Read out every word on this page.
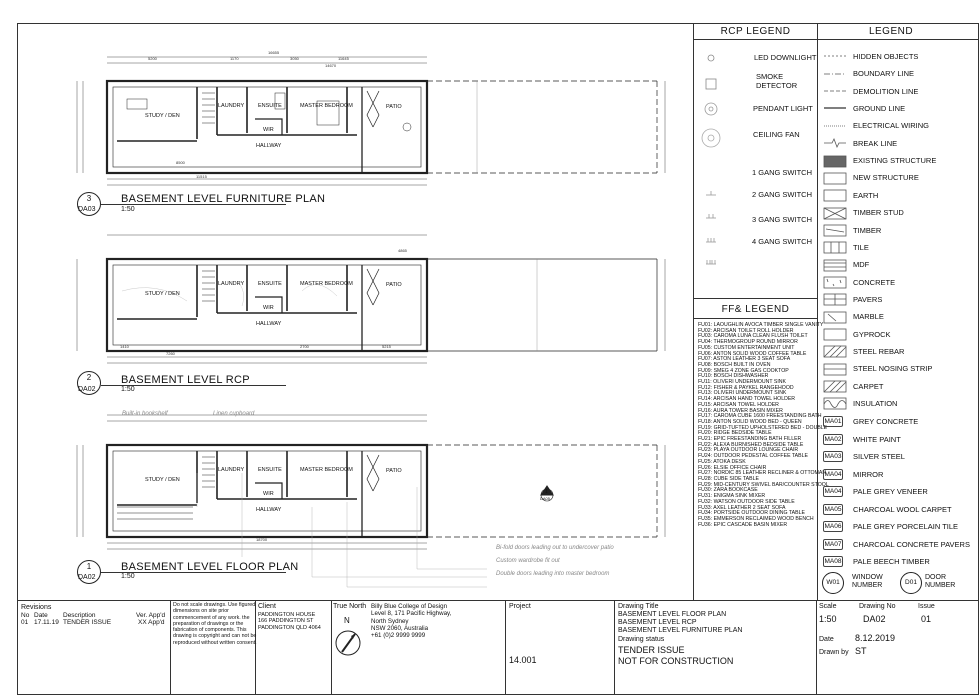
RCP LEGEND
LED DOWNLIGHT
SMOKE
DETECTOR
PENDANT LIGHT
CEILING FAN
1 GANG SWITCH
2 GANG SWITCH
3 GANG SWITCH
4 GANG SWITCH
FF& LEGEND
FU01: LAOUGHLIN AVOCA TIMBER SINGLE VANITY
FU02: ARCISAN TOILET ROLL HOLDER
FU03: CAROMA LUNA CLEAN FLUSH TOILET
FU04: THERMOGROUP ROUND MIRROR
FU05: CUSTOM ENTERTAINMENT UNIT
FU06: ANTON SOLID WOOD COFFEE TABLE
FU07: ASTON LEATHER 3 SEAT SOFA
FU08: BOSCH BUILT IN OVEN
FU09: SMEG 4 ZONE GAS COOKTOP
FU10: BOSCH DISHWASHER
FU11: OLIVERI UNDERMOUNT SINK
FU12: FISHER & PAYKEL RANGEHOOD
FU13: OLIVERI UNDERMOUNT SINK
FU14: ARCISAN HAND TOWEL HOLDER
FU15: ARCISAN TOWEL HOLDER
FU16: AURA TOWER BASIN MIXER
FU17: CAROMA CUBE 1600 FREESTANDING BATH
FU18: ANTON SOLID WOOD BED - QUEEN
FU19: GRID-TUFTED UPHOLSTERED BED - DOUBLE
FU20: RIDGE BEDSIDE TABLE
FU21: EPIC FREESTANDING BATH FILLER
FU22: ALEXA BURNISHED BEDSIDE TABLE
FU23: PLAYA OUTDOOR LOUNGE CHAIR
FU24: OUTDOOR PEDESTAL COFFEE TABLE
FU25: ATOKA DESK
FU26: ELSIE OFFICE CHAIR
FU27: NORDIC 85 LEATHER RECLINER & OTTOMAN
FU28: CUBE SIDE TABLE
FU29: MID-CENTURY SWIVEL BAR/COUNTER STOOL
FU30: ZARA BOOKCASE
FU31: ENIGMA SINK MIXER
FU32: WATSON OUTDOOR SIDE TABLE
FU33: AXEL LEATHER 2 SEAT SOFA
FU34: PORTSIDE OUTDOOR DINING TABLE
FU35: EMMERSON RECLAIMED WOOD BENCH
FU36: EPIC CASCADE BASIN MIXER
LEGEND
HIDDEN OBJECTS
BOUNDARY LINE
DEMOLITION LINE
GROUND LINE
ELECTRICAL WIRING
BREAK LINE
EXISTING STRUCTURE
NEW STRUCTURE
EARTH
TIMBER STUD
TIMBER
TILE
MDF
CONCRETE
PAVERS
MARBLE
GYPROCK
STEEL REBAR
STEEL NOSING STRIP
CARPET
INSULATION
MA01 GREY CONCRETE
MA02 WHITE PAINT
MA03 SILVER STEEL
MA04 MIRROR
MA04 PALE GREY VENEER
MA05 CHARCOAL WOOL CARPET
MA06 PALE GREY PORCELAIN TILE
MA07 CHARCOAL CONCRETE PAVERS
MA08 PALE BEECH TIMBER
W01
WINDOW
NUMBER	D01
DOOR
NUMBER
STUDY / DEN
LAUNDRY	ENSUITE	MASTER BEDROOM	PATIO
WIR
HALLWAY
STUDY / DEN
LAUNDRY	ENSUITE	MASTER BEDROOM	PATIO
WIR
HALLWAY
STUDY / DEN
LAUNDRY	ENSUITE	MASTER BEDROOM	PATIO
WIR
HALLWAY
16655
5200	1170	3050	11645
14670
4865
8500
11515
2700	5215
18700
1410
7260
3
DA03
BASEMENT LEVEL FURNITURE PLAN
1:50
2
DA02
BASEMENT LEVEL RCP
1:50
1
DA02
BASEMENT LEVEL FLOOR PLAN
1:50
Built-in bookshelf	Linen cupboard
Bi-fold doors leading out to undercover patio
Custom wardrobe fit out
Double doors leading into master bedroom
1
DA05
Revisions
No Date Description	Ver. App'd
01 17.11.19 TENDER ISSUE	XX App'd
Do not scale drawings. Use figured
dimensions on site prior
commencement of any work. the
preparation of drawings or the
fabrication of components. This
drawing is copyright and can not be
reproduced without written consent.
Client
PADDINGTON HOUSE
166 PADDINGTON ST
PADDINGTON QLD 4064
True North
N
Billy Blue College of Design
Level 8, 171 Pacific Highway,
North Sydney
NSW 2060, Australia
+61 (0)2 9999 9999
Project
14.001
Drawing Title
BASEMENT LEVEL FLOOR PLAN
BASEMENT LEVEL RCP
BASEMENT LEVEL FURNITURE PLAN
Drawing status
TENDER ISSUE
NOT FOR CONSTRUCTION
Scale
1:50
Drawing No
DA02
Issue
01
Date 8.12.2019
Drawn by ST
